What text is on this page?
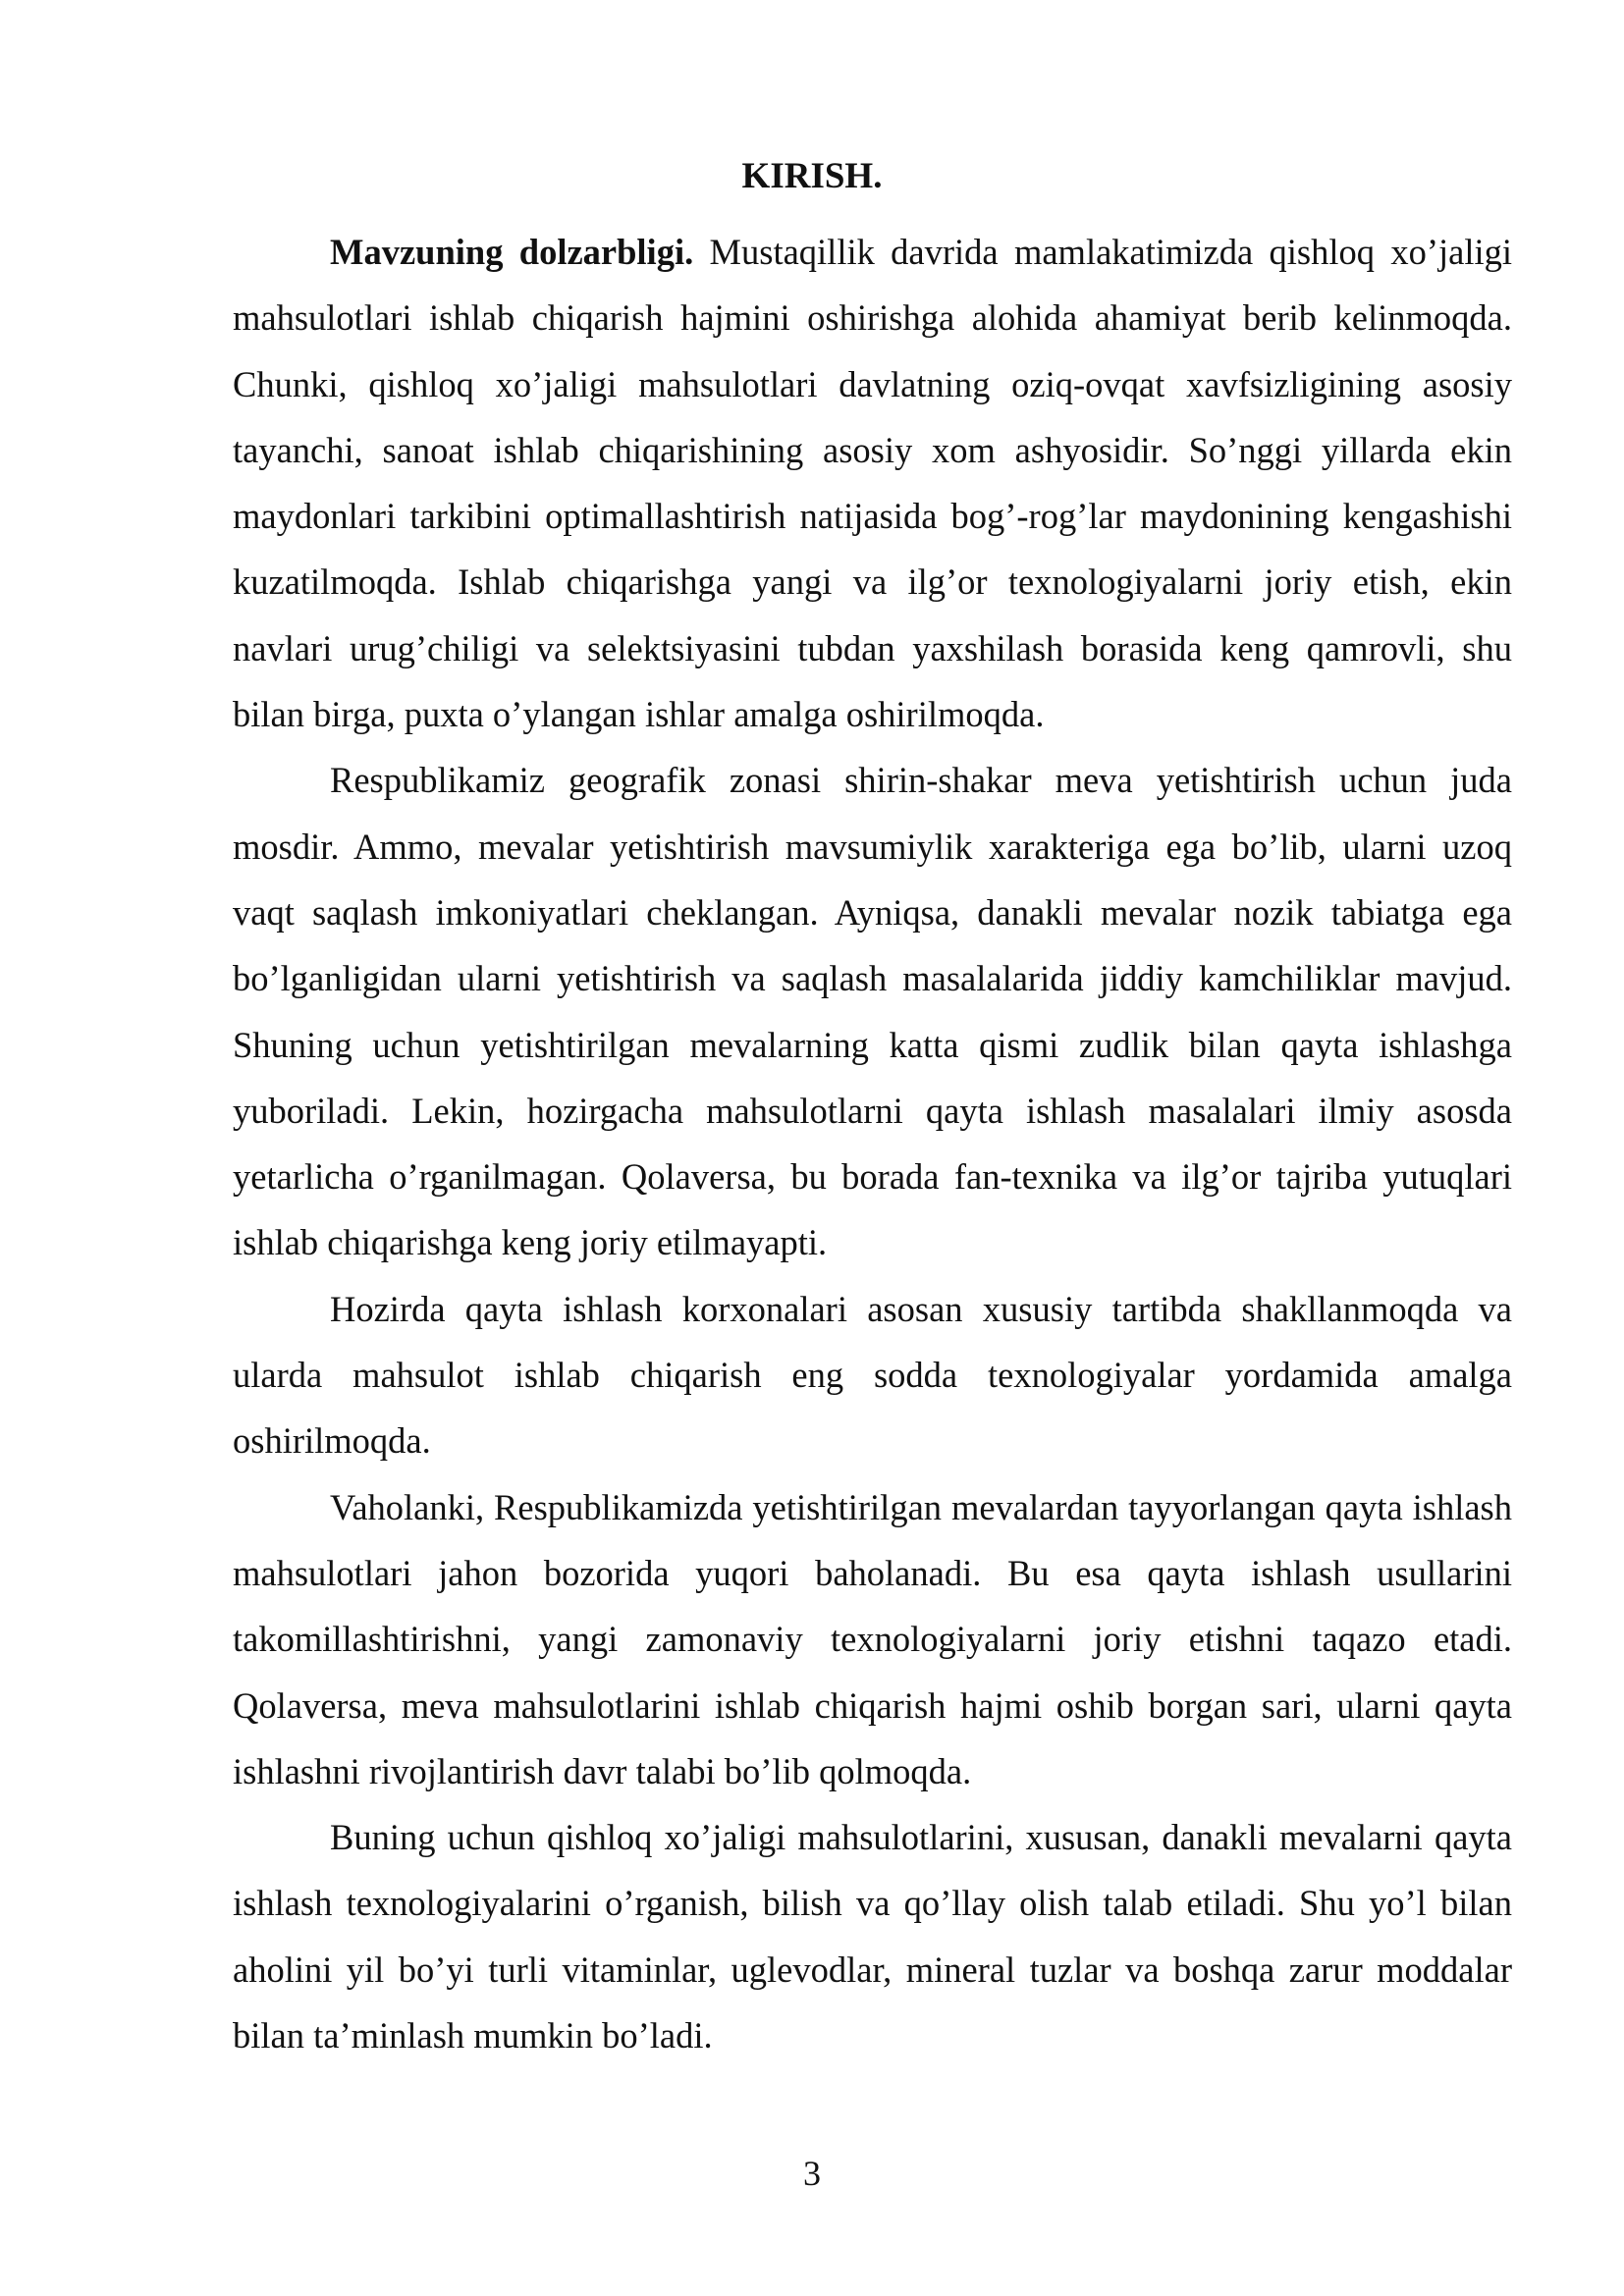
KIRISH.

Mavzuning dolzarbligi. Mustaqillik davrida mamlakatimizda qishloq xo’jaligi mahsulotlari ishlab chiqarish hajmini oshirishga alohida ahamiyat berib kelinmoqda. Chunki, qishloq xo’jaligi mahsulotlari davlatning oziq-ovqat xavfsizligining asosiy tayanchi, sanoat ishlab chiqarishining asosiy xom ashyosidir. So’nggi yillarda ekin maydonlari tarkibini optimallashtirish natijasida bog’-rog’lar maydonining kengashishi kuzatilmoqda. Ishlab chiqarishga yangi va ilg’or texnologiyalarni joriy etish, ekin navlari urug’chiligi va selektsiyasini tubdan yaxshilash borasida keng qamrovli, shu bilan birga, puxta o’ylangan ishlar amalga oshirilmoqda.

Respublikamiz geografik zonasi shirin-shakar meva yetishtirish uchun juda mosdir. Ammo, mevalar yetishtirish mavsumiylik xarakteriga ega bo’lib, ularni uzoq vaqt saqlash imkoniyatlari cheklangan. Ayniqsa, danakli mevalar nozik tabiatga ega bo’lganligidan ularni yetishtirish va saqlash masalalarida jiddiy kamchiliklar mavjud. Shuning uchun yetishtirilgan mevalarning katta qismi zudlik bilan qayta ishlashga yuboriladi. Lekin, hozirgacha mahsulotlarni qayta ishlash masalalari ilmiy asosda yetarlicha o’rganilmagan. Qolaversa, bu borada fan-texnika va ilg’or tajriba yutuqlari ishlab chiqarishga keng joriy etilmayapti.

Hozirda qayta ishlash korxonalari asosan xususiy tartibda shakllanmoqda va ularda mahsulot ishlab chiqarish eng sodda texnologiyalar yordamida amalga oshirilmoqda.

Vaholanki, Respublikamizda yetishtirilgan mevalardan tayyorlangan qayta ishlash mahsulotlari jahon bozorida yuqori baholanadi. Bu esa qayta ishlash usullarini takomillashtirishni, yangi zamonaviy texnologiyalarni joriy etishni taqazo etadi. Qolaversa, meva mahsulotlarini ishlab chiqarish hajmi oshib borgan sari, ularni qayta ishlashni rivojlantirish davr talabi bo’lib qolmoqda.

Buning uchun qishloq xo’jaligi mahsulotlarini, xususan, danakli mevalarni qayta ishlash texnologiyalarini o’rganish, bilish va qo’llay olish talab etiladi. Shu yo’l bilan aholini yil bo’yi turli vitaminlar, uglevodlar, mineral tuzlar va boshqa zarur moddalar bilan ta’minlash mumkin bo’ladi.

3
